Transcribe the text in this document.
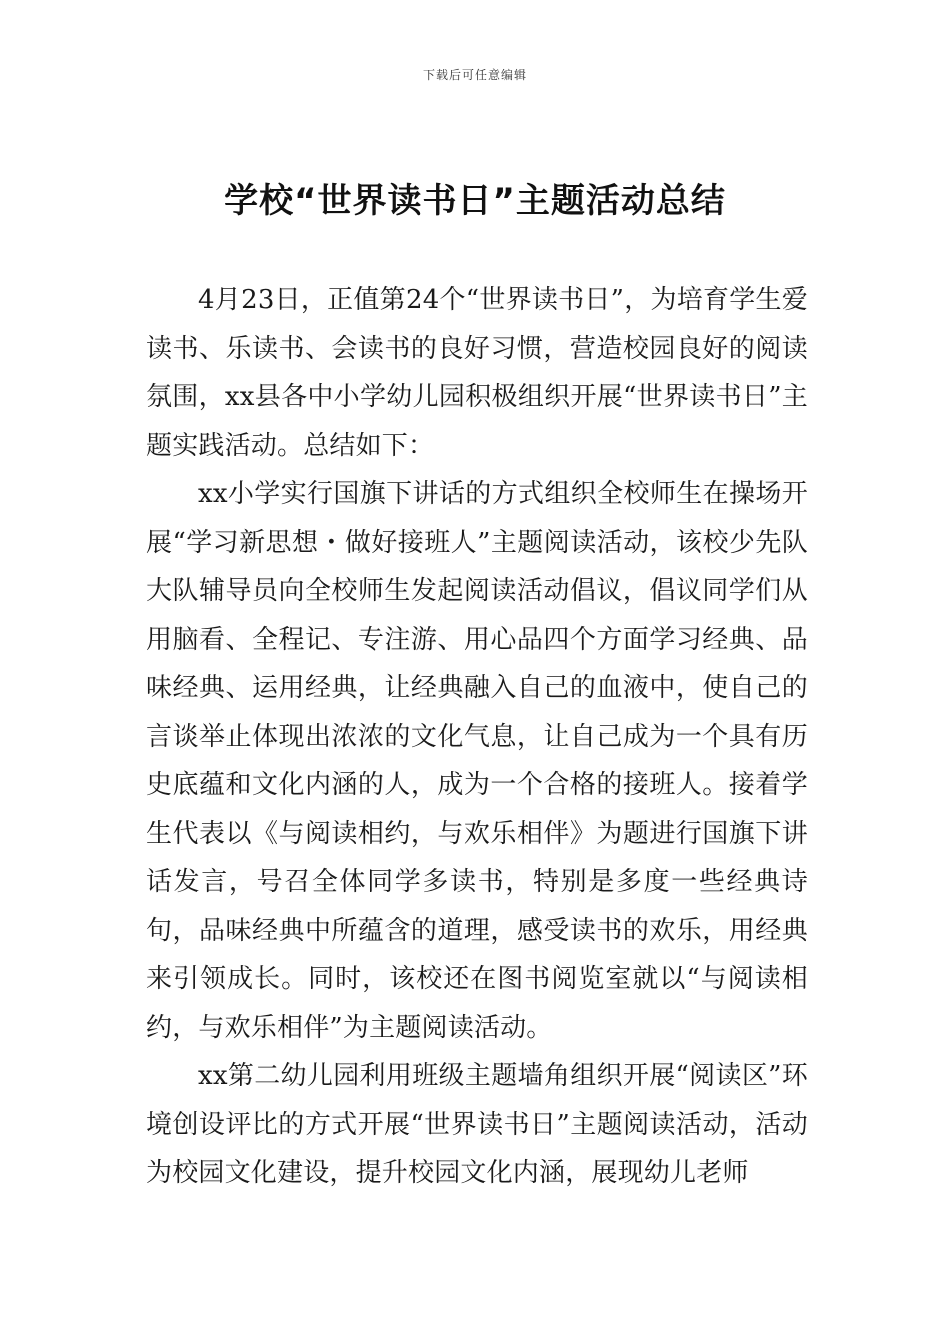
下载后可任意编辑
学校“世界读书日”主题活动总结

4月23日，正值第24个“世界读书日”，为培育学生爱读书、乐读书、会读书的良好习惯，营造校园良好的阅读氛围，xx县各中小学幼儿园积极组织开展“世界读书日”主题实践活动。总结如下：

xx小学实行国旗下讲话的方式组织全校师生在操场开展“学习新思想・做好接班人”主题阅读活动，该校少先队大队辅导员向全校师生发起阅读活动倡议，倡议同学们从用脑看、全程记、专注游、用心品四个方面学习经典、品味经典、运用经典，让经典融入自己的血液中，使自己的言谈举止体现出浓浓的文化气息，让自己成为一个具有历史底蕴和文化内涵的人，成为一个合格的接班人。接着学生代表以《与阅读相约，与欢乐相伴》为题进行国旗下讲话发言，号召全体同学多读书，特别是多度一些经典诗句，品味经典中所蕴含的道理，感受读书的欢乐，用经典来引领成长。同时，该校还在图书阅览室就以“与阅读相约，与欢乐相伴”为主题阅读活动。

xx第二幼儿园利用班级主题墙角组织开展“阅读区”环境创设评比的方式开展“世界读书日”主题阅读活动，活动为校园文化建设，提升校园文化内涵，展现幼儿老师
